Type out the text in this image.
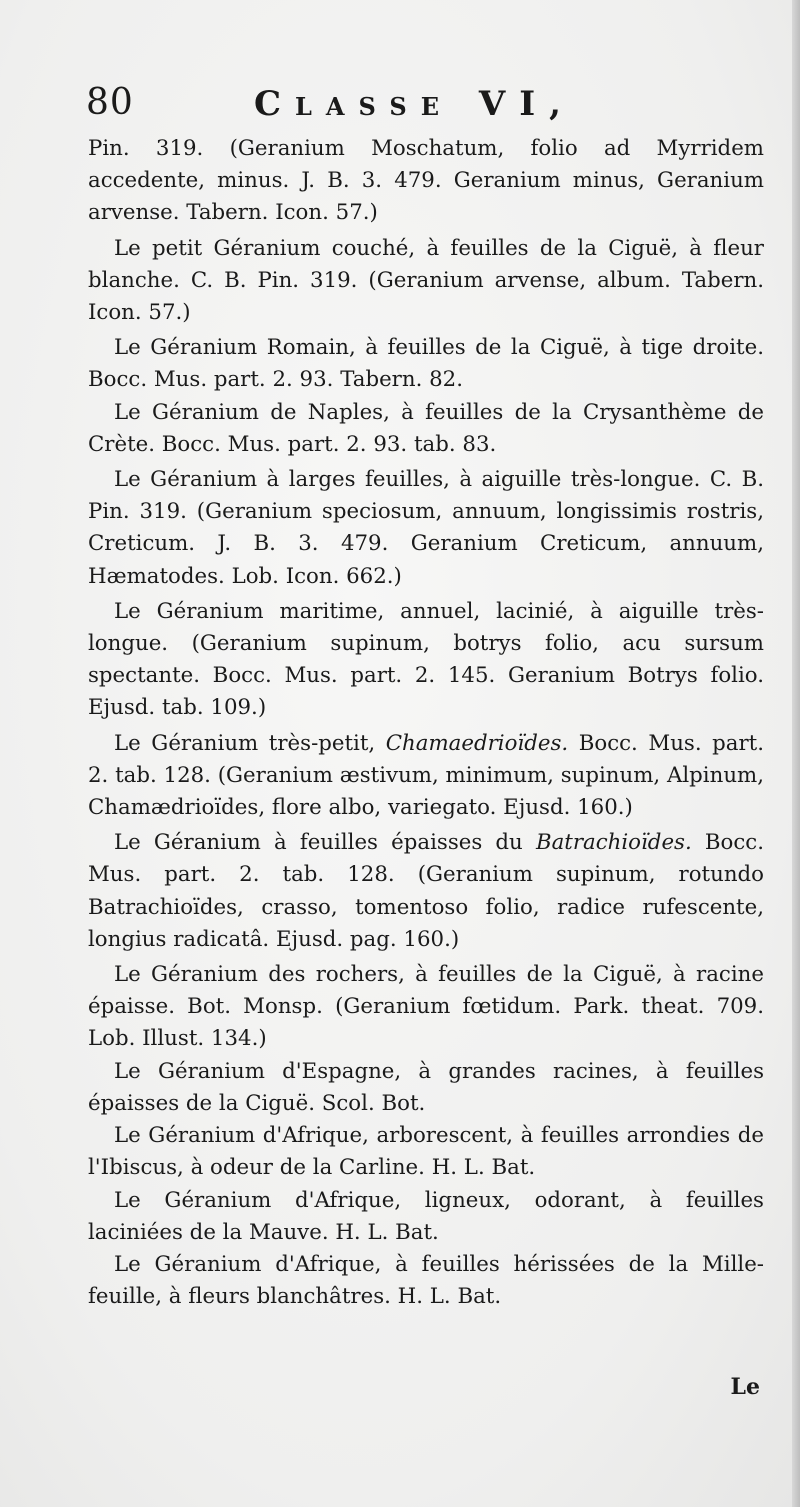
80	Classe VI,

Pin. 319. (Geranium Moschatum, folio ad Myrridem accedente, minus. J. B. 3. 479. Geranium minus, Geranium arvense. Tabern. Icon. 57.)

Le petit Géranium couché, à feuilles de la Ciguë, à fleur blanche. C. B. Pin. 319. (Geranium arvense, album. Tabern. Icon. 57.)

Le Géranium Romain, à feuilles de la Ciguë, à tige droite. Bocc. Mus. part. 2. 93. Tabern. 82.

Le Géranium de Naples, à feuilles de la Crysanthème de Crète. Bocc. Mus. part. 2. 93. tab. 83.

Le Géranium à larges feuilles, à aiguille très-longue. C. B. Pin. 319. (Geranium speciosum, annuum, longissimis rostris, Creticum. J. B. 3. 479. Geranium Creticum, annuum, Hæmatodes. Lob. Icon. 662.)

Le Géranium maritime, annuel, lacinié, à aiguille très-longue. (Geranium supinum, botrys folio, acu sursum spectante. Bocc. Mus. part. 2. 145. Geranium Botrys folio. Ejusd. tab. 109.)

Le Géranium très-petit, Chamaedrioïdes. Bocc. Mus. part. 2. tab. 128. (Geranium æstivum, minimum, supinum, Alpinum, Chamædrioïdes, flore albo, variegato. Ejusd. 160.)

Le Géranium à feuilles épaisses du Batrachioïdes. Bocc. Mus. part. 2. tab. 128. (Geranium supinum, rotundo Batrachioïdes, crasso, tomentoso folio, radice rufescente, longius radicatâ. Ejusd. pag. 160.)

Le Géranium des rochers, à feuilles de la Ciguë, à racine épaisse. Bot. Monsp. (Geranium fœtidum. Park. theat. 709. Lob. Illust. 134.)

Le Géranium d'Espagne, à grandes racines, à feuilles épaisses de la Ciguë. Scol. Bot.

Le Géranium d'Afrique, arborescent, à feuilles arrondies de l'Ibiscus, à odeur de la Carline. H. L. Bat.

Le Géranium d'Afrique, ligneux, odorant, à feuilles laciniées de la Mauve. H. L. Bat.

Le Géranium d'Afrique, à feuilles hérissées de la Mille-feuille, à fleurs blanchâtres. H. L. Bat.

Le
